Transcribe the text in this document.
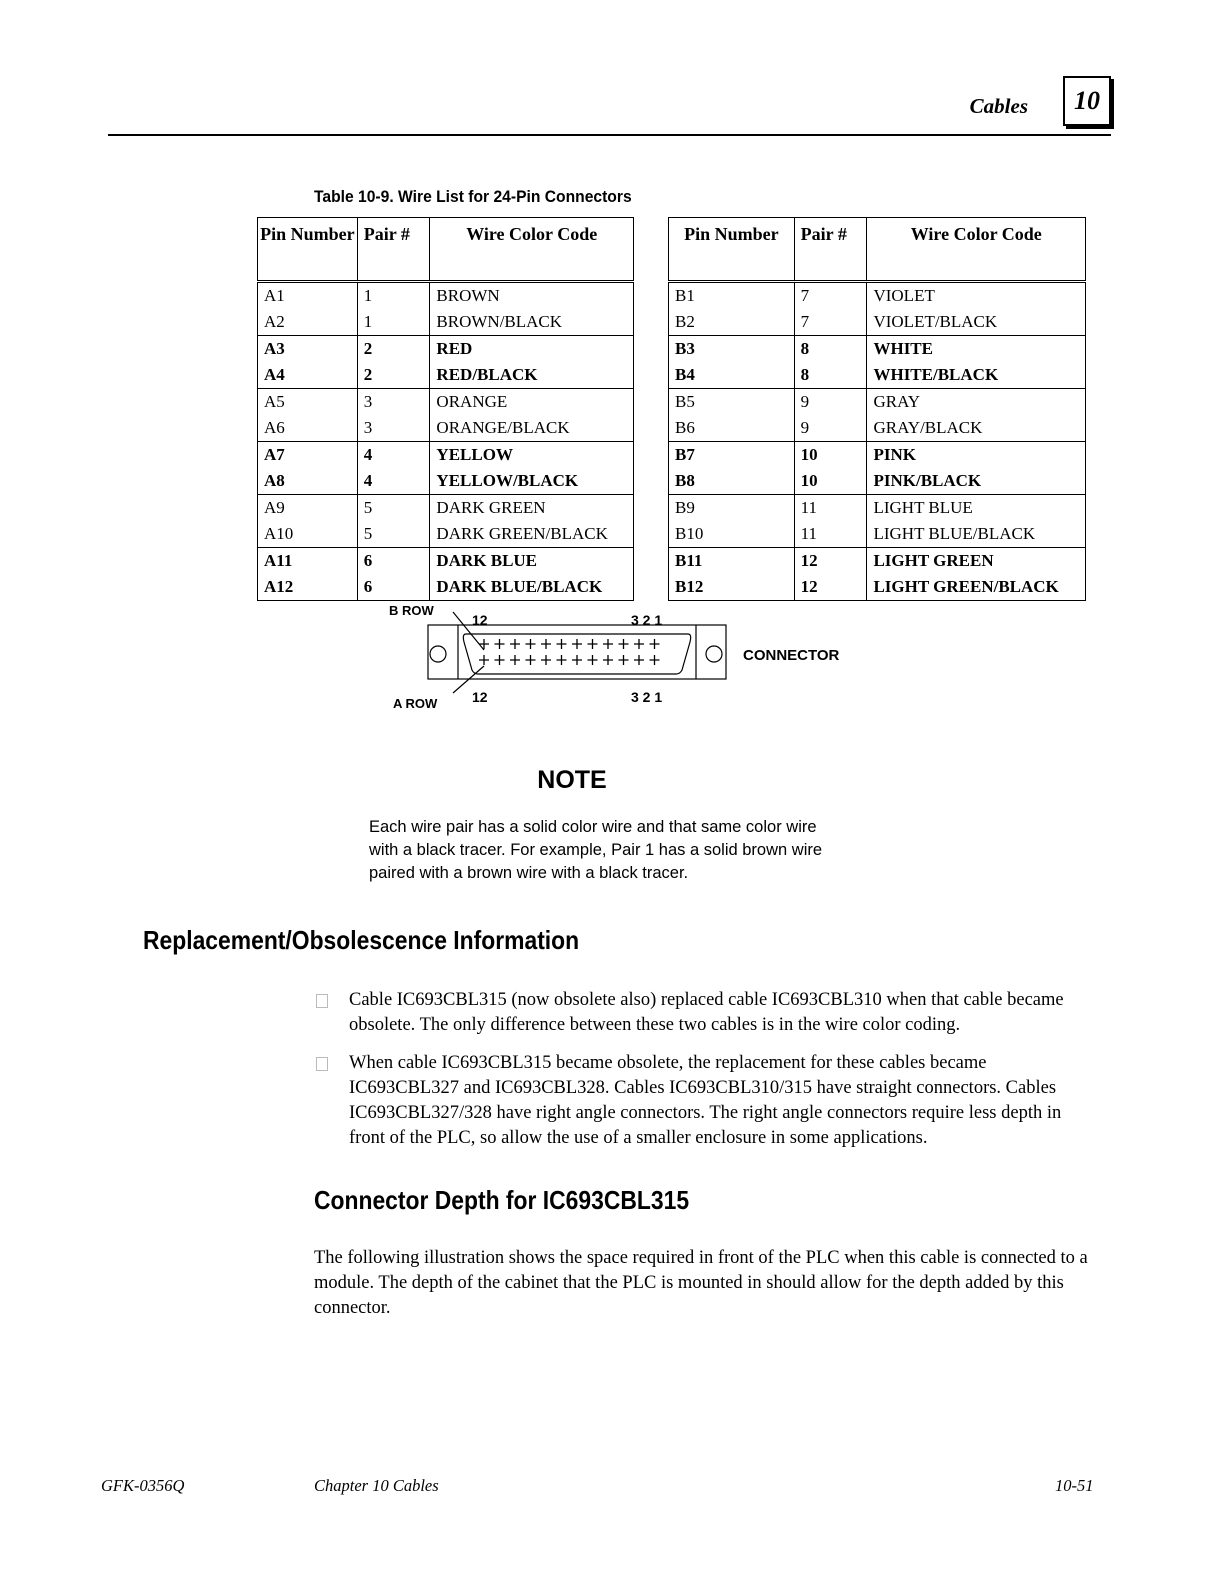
Cables	10
Table 10-9. Wire List for 24-Pin Connectors
Pin Number	Pair #	Wire Color Code
A1	1	BROWN
A2	1	BROWN/BLACK
A3	2	RED
A4	2	RED/BLACK
A5	3	ORANGE
A6	3	ORANGE/BLACK
A7	4	YELLOW
A8	4	YELLOW/BLACK
A9	5	DARK GREEN
A10	5	DARK GREEN/BLACK
A11	6	DARK BLUE
A12	6	DARK BLUE/BLACK
Pin Number	Pair #	Wire Color Code
B1	7	VIOLET
B2	7	VIOLET/BLACK
B3	8	WHITE
B4	8	WHITE/BLACK
B5	9	GRAY
B6	9	GRAY/BLACK
B7	10	PINK
B8	10	PINK/BLACK
B9	11	LIGHT BLUE
B10	11	LIGHT BLUE/BLACK
B11	12	LIGHT GREEN
B12	12	LIGHT GREEN/BLACK
B ROW
A ROW
12	3 2 1
12	3 2 1
CONNECTOR
NOTE
Each wire pair has a solid color wire and that same color wire with a black tracer. For example, Pair 1 has a solid brown wire paired with a brown wire with a black tracer.
Replacement/Obsolescence Information
Cable IC693CBL315 (now obsolete also) replaced cable IC693CBL310 when that cable became obsolete. The only difference between these two cables is in the wire color coding.
When cable IC693CBL315 became obsolete, the replacement for these cables became IC693CBL327 and IC693CBL328. Cables IC693CBL310/315 have straight connectors. Cables IC693CBL327/328 have right angle connectors. The right angle connectors require less depth in front of the PLC, so allow the use of a smaller enclosure in some applications.
Connector Depth for IC693CBL315
The following illustration shows the space required in front of the PLC when this cable is connected to a module. The depth of the cabinet that the PLC is mounted in should allow for the depth added by this connector.
GFK-0356Q	Chapter 10 Cables	10-51
